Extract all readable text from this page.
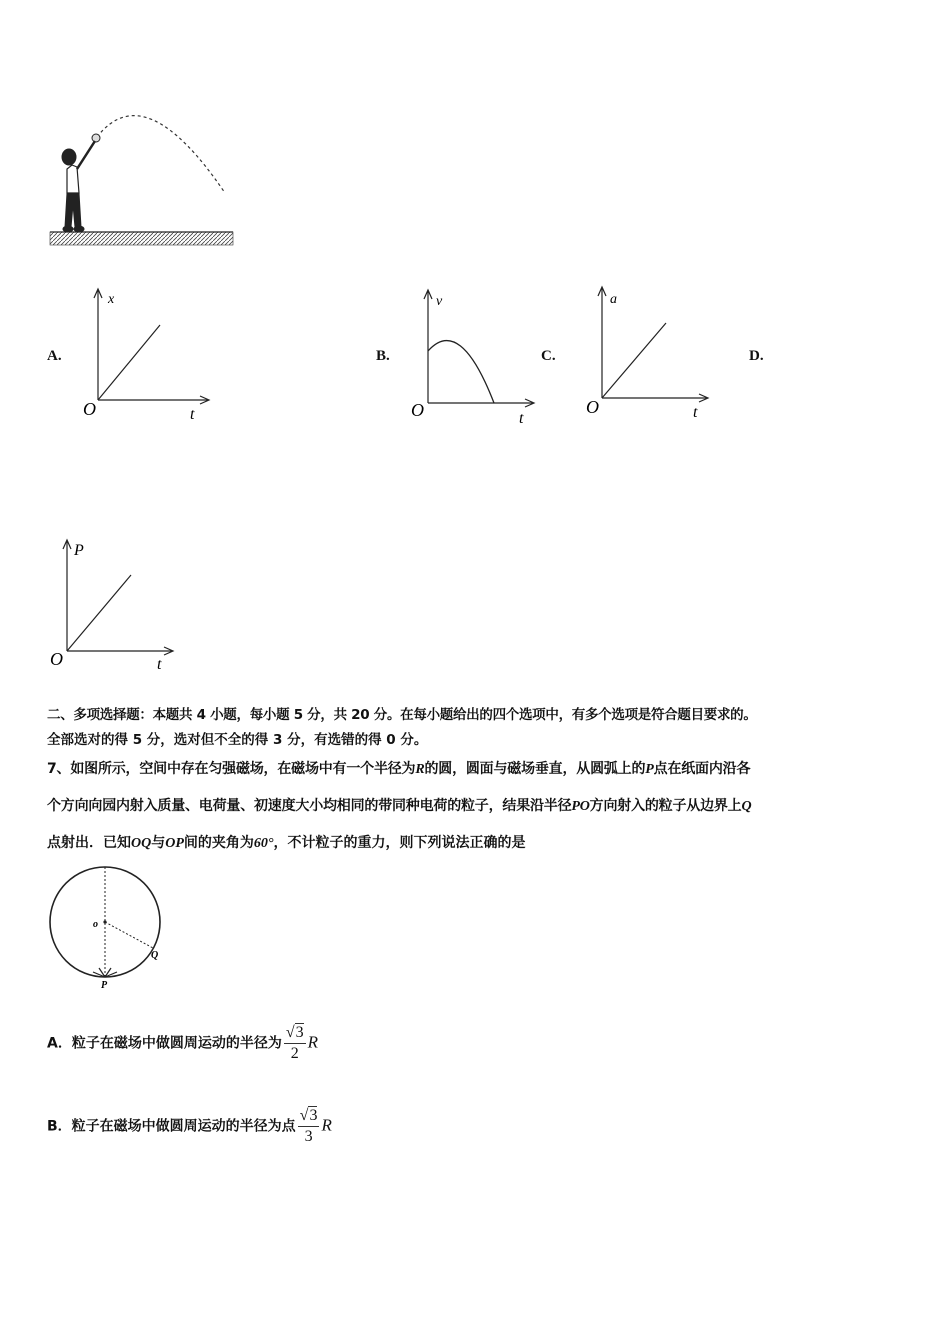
A.
x
O	t
B.
v
O	t
C.
a
O	t
D.
P
O	t
二、多项选择题：本题共 4 小题，每小题 5 分，共 20 分。在每小题给出的四个选项中，有多个选项是符合题目要求的。
全部选对的得 5 分，选对但不全的得 3 分，有选错的得 0 分。
7、如图所示，空间中存在匀强磁场，在磁场中有一个半径为R的圆，圆面与磁场垂直，从圆弧上的P点在纸面内沿各
个方向向园内射入质量、电荷量、初速度大小均相同的带同种电荷的粒子，结果沿半径PO方向射入的粒子从边界上Q
点射出．已知OQ与OP间的夹角为60°，不计粒子的重力，则下列说法正确的是
o
Q
P
A．粒子在磁场中做圆周运动的半径为 $\frac{√3}{2}$ R
B．粒子在磁场中做圆周运动的半径为点 $\frac{√3}{3}$ R
